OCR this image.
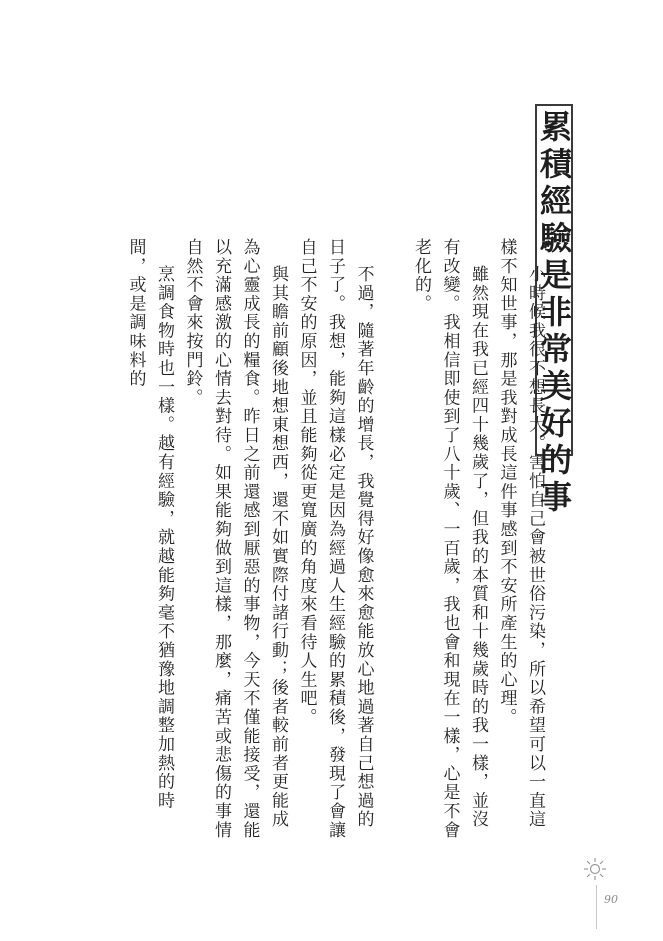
累積經驗是非常美好的事

小時候我很不想長大。害怕自己會被世俗污染，所以希望可以一直這樣不知世事，那是我對成長這件事感到不安所產生的心理。

雖然現在我已經四十幾歲了，但我的本質和十幾歲時的我一樣，並沒有改變。我相信即使到了八十歲、一百歲，我也會和現在一樣，心是不會老化的。

不過，隨著年齡的增長，我覺得好像愈來愈能放心地過著自己想過的日子了。我想，能夠這樣必定是因為經過人生經驗的累積後，發現了會讓自己不安的原因，並且能夠從更寬廣的角度來看待人生吧。

與其瞻前顧後地想東想西，還不如實際付諸行動；後者較前者更能成為心靈成長的糧食。昨日之前還感到厭惡的事物，今天不僅能接受，還能以充滿感激的心情去對待。如果能夠做到這樣，那麼，痛苦或悲傷的事情自然不會來按門鈴。

烹調食物時也一樣。越有經驗，就越能夠毫不猶豫地調整加熱的時間，或是調味料的

90
